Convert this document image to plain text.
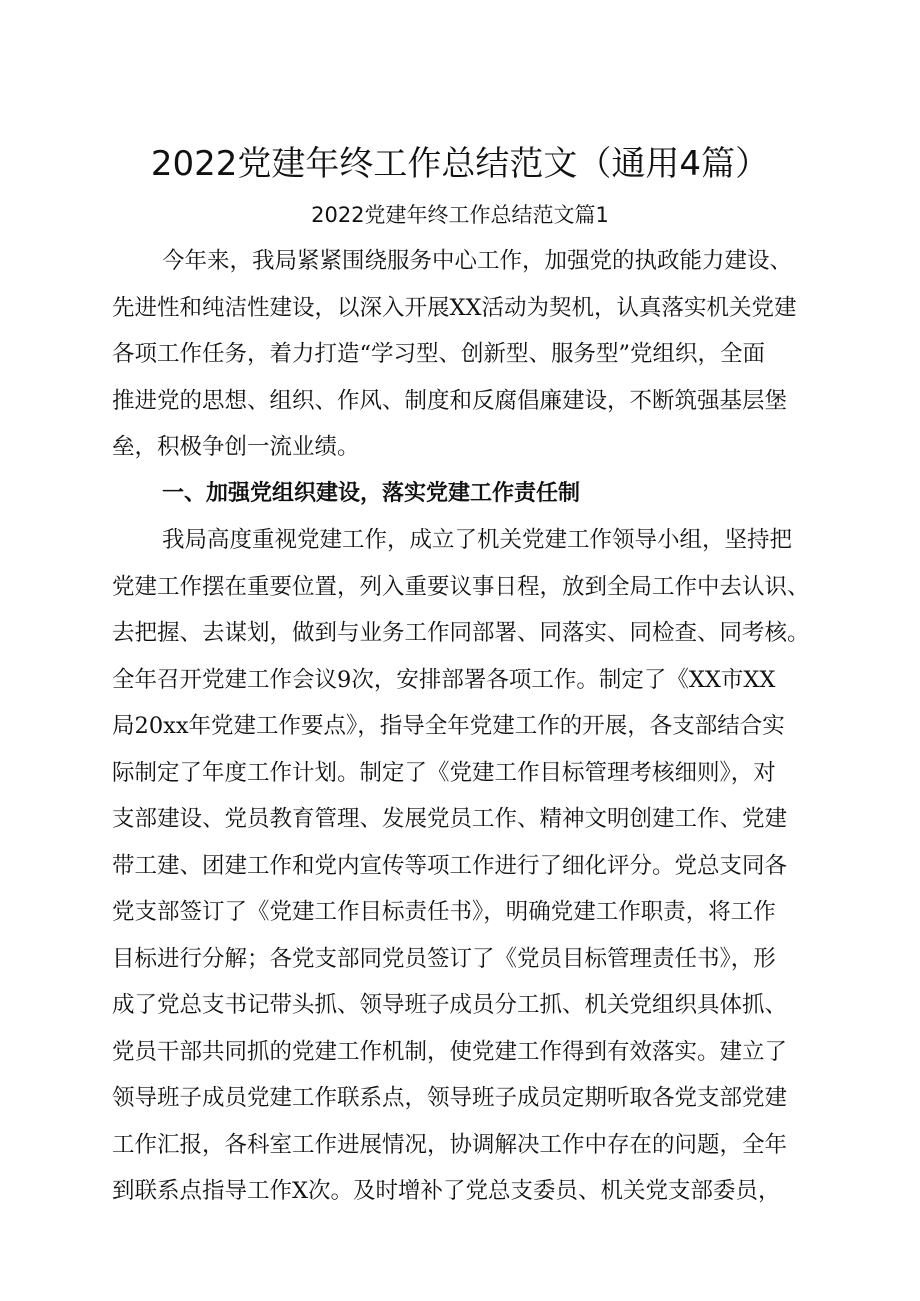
2022党建年终工作总结范文（通用4篇）
2022党建年终工作总结范文篇1
今年来，我局紧紧围绕服务中心工作，加强党的执政能力建设、
先进性和纯洁性建设，以深入开展XX活动为契机，认真落实机关党建
各项工作任务，着力打造“学习型、创新型、服务型”党组织，全面
推进党的思想、组织、作风、制度和反腐倡廉建设，不断筑强基层堡
垒，积极争创一流业绩。
一、加强党组织建设，落实党建工作责任制
我局高度重视党建工作，成立了机关党建工作领导小组，坚持把
党建工作摆在重要位置，列入重要议事日程，放到全局工作中去认识、
去把握、去谋划，做到与业务工作同部署、同落实、同检查、同考核。
全年召开党建工作会议9次，安排部署各项工作。制定了《XX市XX
局20xx年党建工作要点》，指导全年党建工作的开展，各支部结合实
际制定了年度工作计划。制定了《党建工作目标管理考核细则》，对
支部建设、党员教育管理、发展党员工作、精神文明创建工作、党建
带工建、团建工作和党内宣传等项工作进行了细化评分。党总支同各
党支部签订了《党建工作目标责任书》，明确党建工作职责，将工作
目标进行分解；各党支部同党员签订了《党员目标管理责任书》，形
成了党总支书记带头抓、领导班子成员分工抓、机关党组织具体抓、
党员干部共同抓的党建工作机制，使党建工作得到有效落实。建立了
领导班子成员党建工作联系点，领导班子成员定期听取各党支部党建
工作汇报，各科室工作进展情况，协调解决工作中存在的问题，全年
到联系点指导工作X次。及时增补了党总支委员、机关党支部委员，
